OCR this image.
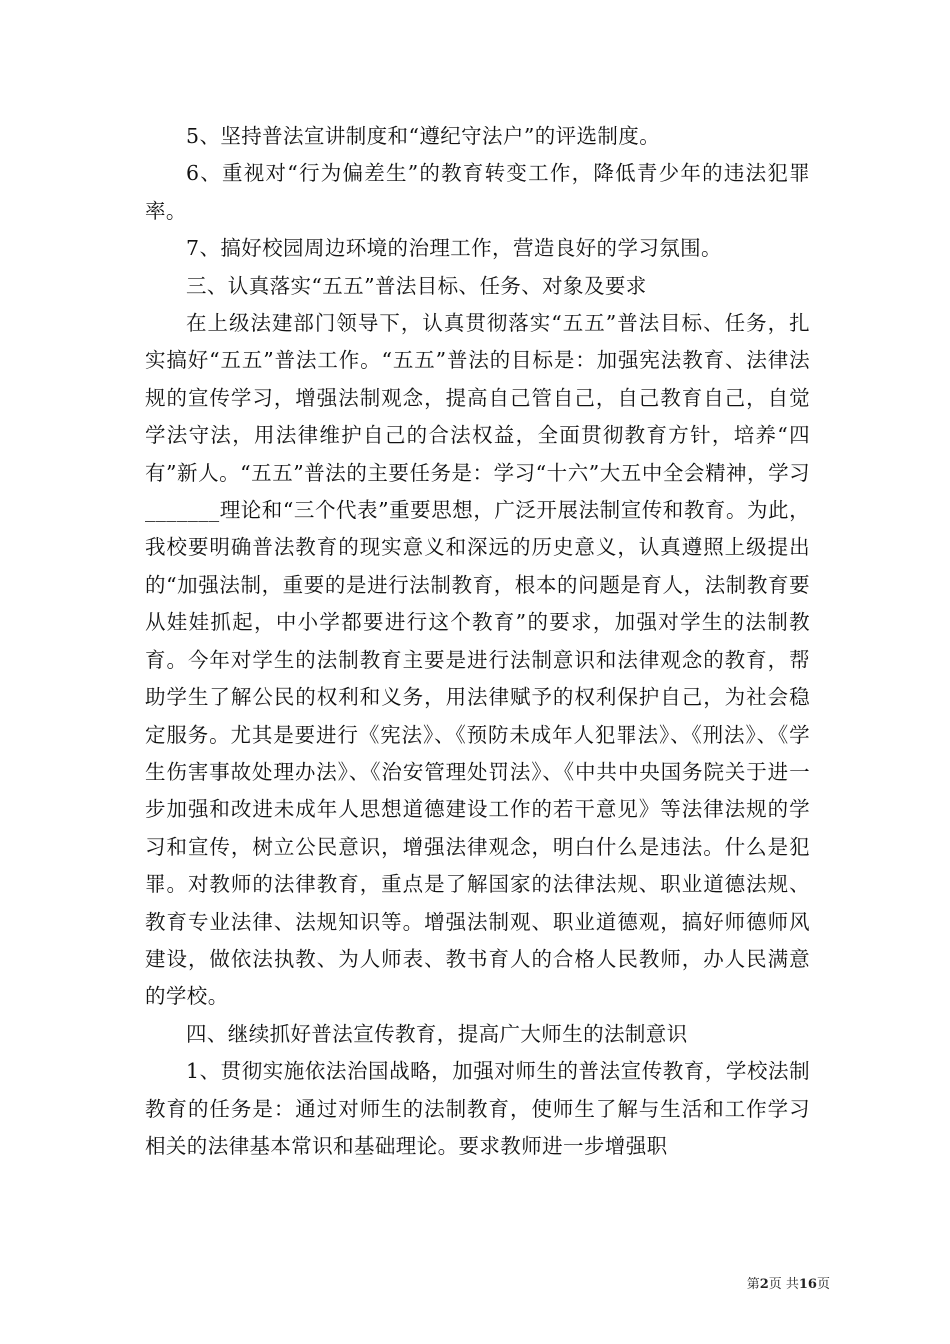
5、坚持普法宣讲制度和“遵纪守法户”的评选制度。

6、重视对“行为偏差生”的教育转变工作，降低青少年的违法犯罪率。

7、搞好校园周边环境的治理工作，营造良好的学习氛围。

三、认真落实“五五”普法目标、任务、对象及要求

在上级法建部门领导下，认真贯彻落实“五五”普法目标、任务，扎实搞好“五五”普法工作。“五五”普法的目标是：加强宪法教育、法律法规的宣传学习，增强法制观念，提高自己管自己，自己教育自己，自觉学法守法，用法律维护自己的合法权益，全面贯彻教育方针，培养“四有”新人。“五五”普法的主要任务是：学习“十六”大五中全会精神，学习_______理论和“三个代表”重要思想，广泛开展法制宣传和教育。为此，我校要明确普法教育的现实意义和深远的历史意义，认真遵照上级提出的“加强法制，重要的是进行法制教育，根本的问题是育人，法制教育要从娃娃抓起，中小学都要进行这个教育”的要求，加强对学生的法制教育。今年对学生的法制教育主要是进行法制意识和法律观念的教育，帮助学生了解公民的权利和义务，用法律赋予的权利保护自己，为社会稳定服务。尤其是要进行《宪法》、《预防未成年人犯罪法》、《刑法》、《学生伤害事故处理办法》、《治安管理处罚法》、《中共中央国务院关于进一步加强和改进未成年人思想道德建设工作的若干意见》等法律法规的学习和宣传，树立公民意识，增强法律观念，明白什么是违法。什么是犯罪。对教师的法律教育，重点是了解国家的法律法规、职业道德法规、教育专业法律、法规知识等。增强法制观、职业道德观，搞好师德师风建设，做依法执教、为人师表、教书育人的合格人民教师，办人民满意的学校。

四、继续抓好普法宣传教育，提高广大师生的法制意识

1、贯彻实施依法治国战略，加强对师生的普法宣传教育，学校法制教育的任务是：通过对师生的法制教育，使师生了解与生活和工作学习相关的法律基本常识和基础理论。要求教师进一步增强职

第2页 共16页
